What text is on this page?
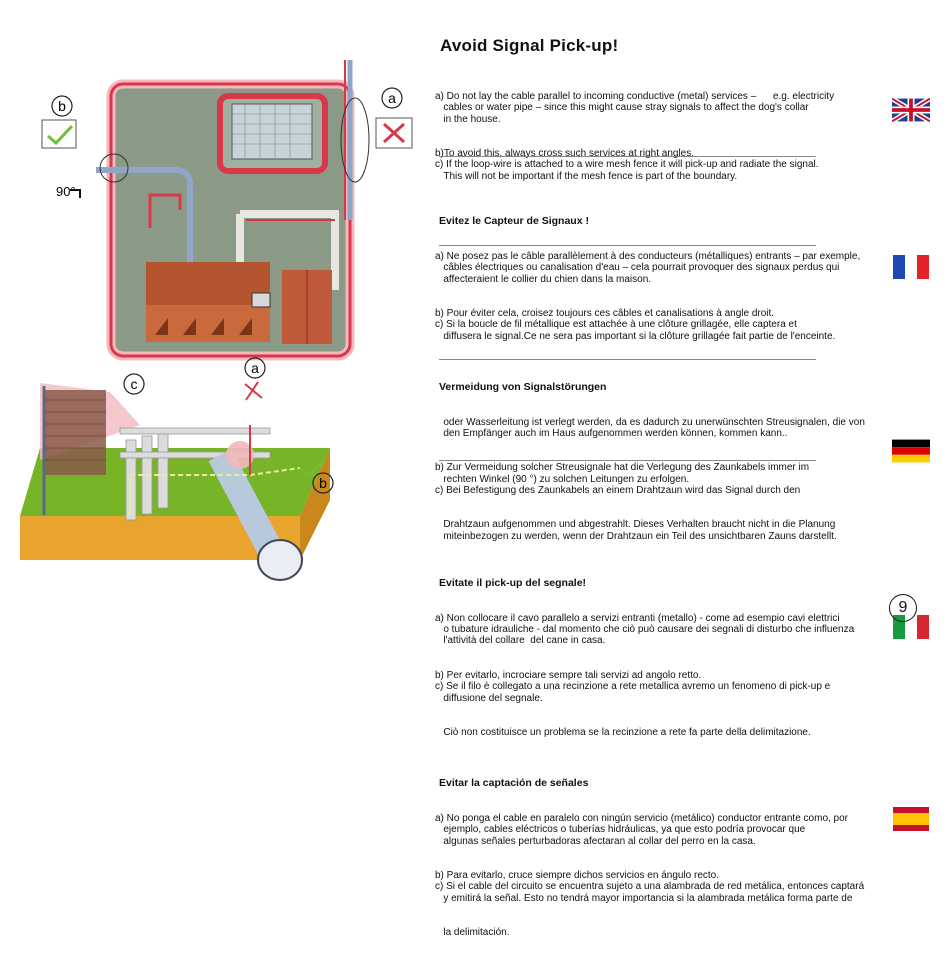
a
b
90°
a
c
b
Avoid Signal Pick-up!

a) Do not lay the cable parallel to incoming conductive (metal) services –      e.g. electricity
cables or water pipe – since this might cause stray signals to affect the dog's collar
in the house.

b)To avoid this, always cross such services at right angles.
c) If the loop-wire is attached to a wire mesh fence it will pick-up and radiate the signal.
This will not be important if the mesh fence is part of the boundary.

Evitez le Capteur de Signaux !

a) Ne posez pas le câble parallèlement à des conducteurs (métalliques) entrants – par exemple,
câbles électriques ou canalisation d'eau – cela pourrait provoquer des signaux perdus qui
affecteraient le collier du chien dans la maison.

b) Pour éviter cela, croisez toujours ces câbles et canalisations à angle droit.
c) Si la boucle de fil métallique est attachée à une clôture grillagée, elle captera et
diffusera le signal.Ce ne sera pas important si la clôture grillagée fait partie de l'enceinte.

Vermeidung von Signalstörungen

oder Wasserleitung ist verlegt werden, da es dadurch zu unerwünschten Streusignalen, die von
den Empfänger auch im Haus aufgenommen werden können, kommen kann..

b) Zur Vermeidung solcher Streusignale hat die Verlegung des Zaunkabels immer im
rechten Winkel (90 °) zu solchen Leitungen zu erfolgen.
c) Bei Befestigung des Zaunkabels an einem Drahtzaun wird das Signal durch den

Drahtzaun aufgenommen und abgestrahlt. Dieses Verhalten braucht nicht in die Planung
miteinbezogen zu werden, wenn der Drahtzaun ein Teil des unsichtbaren Zauns darstellt.

Evitate il pick-up del segnale!

a) Non collocare il cavo parallelo a servizi entranti (metallo) - come ad esempio cavi elettrici
o tubature idrauliche - dal momento che ciò può causare dei segnali di disturbo che influenza
l'attività del collare  del cane in casa.

b) Per evitarlo, incrociare sempre tali servizi ad angolo retto.
c) Se il filo è collegato a una recinzione a rete metallica avremo un fenomeno di pick-up e
diffusione del segnale.

Ciò non costituisce un problema se la recinzione a rete fa parte della delimitazione.

Evitar la captación de señales

a) No ponga el cable en paralelo con ningún servicio (metálico) conductor entrante como, por
ejemplo, cables eléctricos o tuberías hidráulicas, ya que esto podría provocar que
algunas señales perturbadoras afectaran al collar del perro en la casa.

b) Para evitarlo, cruce siempre dichos servicios en ángulo recto.
c) Si el cable del circuito se encuentra sujeto a una alambrada de red metálica, entonces captará
y emitirá la señal. Esto no tendrá mayor importancia si la alambrada metálica forma parte de

la delimitación.

9
